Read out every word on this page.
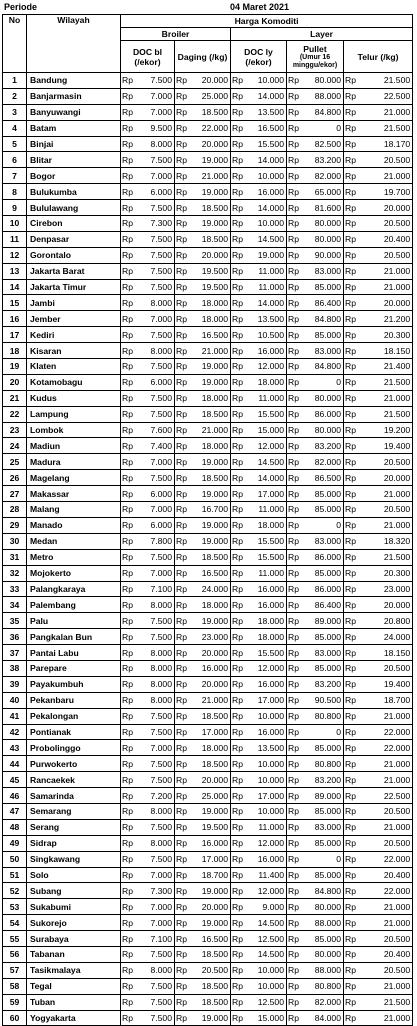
Periode	04 Maret 2021
No	Wilayah	Harga Komoditi									
		Broiler				Layer					
		DOC bl (/ekor)		Daging (/kg)		DOC ly (/ekor)		Pullet
(Umur 16 minggu/ekor)		Telur (/kg)	
1	Bandung	Rp	7.500	Rp	20.000	Rp	10.000	Rp	80.000	Rp	21.500
2	Banjarmasin	Rp	7.000	Rp	25.000	Rp	14.000	Rp	88.000	Rp	22.500
3	Banyuwangi	Rp	7.000	Rp	18.500	Rp	13.500	Rp	84.800	Rp	21.000
4	Batam	Rp	9.500	Rp	22.000	Rp	16.500	Rp	0	Rp	21.500
5	Binjai	Rp	8.000	Rp	20.000	Rp	15.500	Rp	82.500	Rp	18.170
6	Blitar	Rp	7.500	Rp	19.000	Rp	14.000	Rp	83.200	Rp	20.500
7	Bogor	Rp	7.000	Rp	21.000	Rp	10.000	Rp	82.000	Rp	21.000
8	Bulukumba	Rp	6.000	Rp	19.000	Rp	16.000	Rp	65.000	Rp	19.700
9	Bululawang	Rp	7.500	Rp	18.500	Rp	14.000	Rp	81.600	Rp	20.000
10	Cirebon	Rp	7.300	Rp	19.000	Rp	10.000	Rp	80.000	Rp	20.500
11	Denpasar	Rp	7.500	Rp	18.500	Rp	14.500	Rp	80.000	Rp	20.400
12	Gorontalo	Rp	7.500	Rp	20.000	Rp	19.000	Rp	90.000	Rp	20.500
13	Jakarta Barat	Rp	7.500	Rp	19.500	Rp	11.000	Rp	83.000	Rp	21.000
14	Jakarta Timur	Rp	7.500	Rp	19.500	Rp	11.000	Rp	85.000	Rp	21.000
15	Jambi	Rp	8.000	Rp	18.000	Rp	14.000	Rp	86.400	Rp	20.000
16	Jember	Rp	7.000	Rp	18.000	Rp	13.500	Rp	84.800	Rp	21.200
17	Kediri	Rp	7.500	Rp	16.500	Rp	10.500	Rp	85.000	Rp	20.300
18	Kisaran	Rp	8.000	Rp	21.000	Rp	16.000	Rp	83.000	Rp	18.150
19	Klaten	Rp	7.500	Rp	19.000	Rp	12.000	Rp	84.800	Rp	21.400
20	Kotamobagu	Rp	6.000	Rp	19.000	Rp	18.000	Rp	0	Rp	21.500
21	Kudus	Rp	7.500	Rp	18.000	Rp	11.000	Rp	80.000	Rp	21.000
22	Lampung	Rp	7.500	Rp	18.500	Rp	15.500	Rp	86.000	Rp	21.500
23	Lombok	Rp	7.600	Rp	21.000	Rp	15.000	Rp	80.000	Rp	19.200
24	Madiun	Rp	7.400	Rp	18.000	Rp	12.000	Rp	83.200	Rp	19.400
25	Madura	Rp	7.000	Rp	19.000	Rp	14.500	Rp	82.000	Rp	20.500
26	Magelang	Rp	7.500	Rp	18.500	Rp	14.000	Rp	86.500	Rp	20.000
27	Makassar	Rp	6.000	Rp	19.000	Rp	17.000	Rp	85.000	Rp	21.000
28	Malang	Rp	7.000	Rp	16.700	Rp	11.000	Rp	85.000	Rp	20.500
29	Manado	Rp	6.000	Rp	19.000	Rp	18.000	Rp	0	Rp	21.000
30	Medan	Rp	7.800	Rp	19.000	Rp	15.500	Rp	83.000	Rp	18.320
31	Metro	Rp	7.500	Rp	18.500	Rp	15.500	Rp	86.000	Rp	21.500
32	Mojokerto	Rp	7.000	Rp	16.500	Rp	11.000	Rp	85.000	Rp	20.300
33	Palangkaraya	Rp	7.100	Rp	24.000	Rp	16.000	Rp	86.000	Rp	23.000
34	Palembang	Rp	8.000	Rp	18.000	Rp	16.000	Rp	86.400	Rp	20.000
35	Palu	Rp	7.500	Rp	19.000	Rp	18.000	Rp	89.000	Rp	20.800
36	Pangkalan Bun	Rp	7.500	Rp	23.000	Rp	18.000	Rp	85.000	Rp	24.000
37	Pantai Labu	Rp	8.000	Rp	20.000	Rp	15.500	Rp	83.000	Rp	18.150
38	Parepare	Rp	8.000	Rp	16.000	Rp	12.000	Rp	85.000	Rp	20.500
39	Payakumbuh	Rp	8.000	Rp	20.000	Rp	16.000	Rp	83.200	Rp	19.400
40	Pekanbaru	Rp	8.000	Rp	21.000	Rp	17.000	Rp	90.500	Rp	18.700
41	Pekalongan	Rp	7.500	Rp	18.500	Rp	10.000	Rp	80.800	Rp	21.000
42	Pontianak	Rp	7.500	Rp	17.000	Rp	16.000	Rp	0	Rp	22.000
43	Probolinggo	Rp	7.000	Rp	18.000	Rp	13.500	Rp	85.000	Rp	22.000
44	Purwokerto	Rp	7.500	Rp	18.500	Rp	10.000	Rp	80.800	Rp	21.000
45	Rancaekek	Rp	7.500	Rp	20.000	Rp	10.000	Rp	83.200	Rp	21.000
46	Samarinda	Rp	7.200	Rp	25.000	Rp	17.000	Rp	89.000	Rp	22.500
47	Semarang	Rp	8.000	Rp	19.000	Rp	10.000	Rp	85.000	Rp	20.500
48	Serang	Rp	7.500	Rp	19.500	Rp	11.000	Rp	83.000	Rp	21.000
49	Sidrap	Rp	8.000	Rp	16.000	Rp	12.000	Rp	85.000	Rp	20.500
50	Singkawang	Rp	7.500	Rp	17.000	Rp	16.000	Rp	0	Rp	22.000
51	Solo	Rp	7.000	Rp	18.700	Rp	11.400	Rp	85.000	Rp	20.400
52	Subang	Rp	7.300	Rp	19.000	Rp	12.000	Rp	84.800	Rp	22.000
53	Sukabumi	Rp	7.000	Rp	20.000	Rp	9.000	Rp	80.000	Rp	21.000
54	Sukorejo	Rp	7.000	Rp	19.000	Rp	14.500	Rp	88.000	Rp	21.000
55	Surabaya	Rp	7.100	Rp	16.500	Rp	12.500	Rp	85.000	Rp	20.500
56	Tabanan	Rp	7.500	Rp	18.500	Rp	14.500	Rp	80.000	Rp	20.400
57	Tasikmalaya	Rp	8.000	Rp	20.500	Rp	10.000	Rp	88.000	Rp	20.500
58	Tegal	Rp	7.500	Rp	18.500	Rp	10.000	Rp	80.800	Rp	21.000
59	Tuban	Rp	7.500	Rp	18.500	Rp	12.500	Rp	82.000	Rp	21.500
60	Yogyakarta	Rp	7.500	Rp	19.000	Rp	15.000	Rp	84.000	Rp	21.000
